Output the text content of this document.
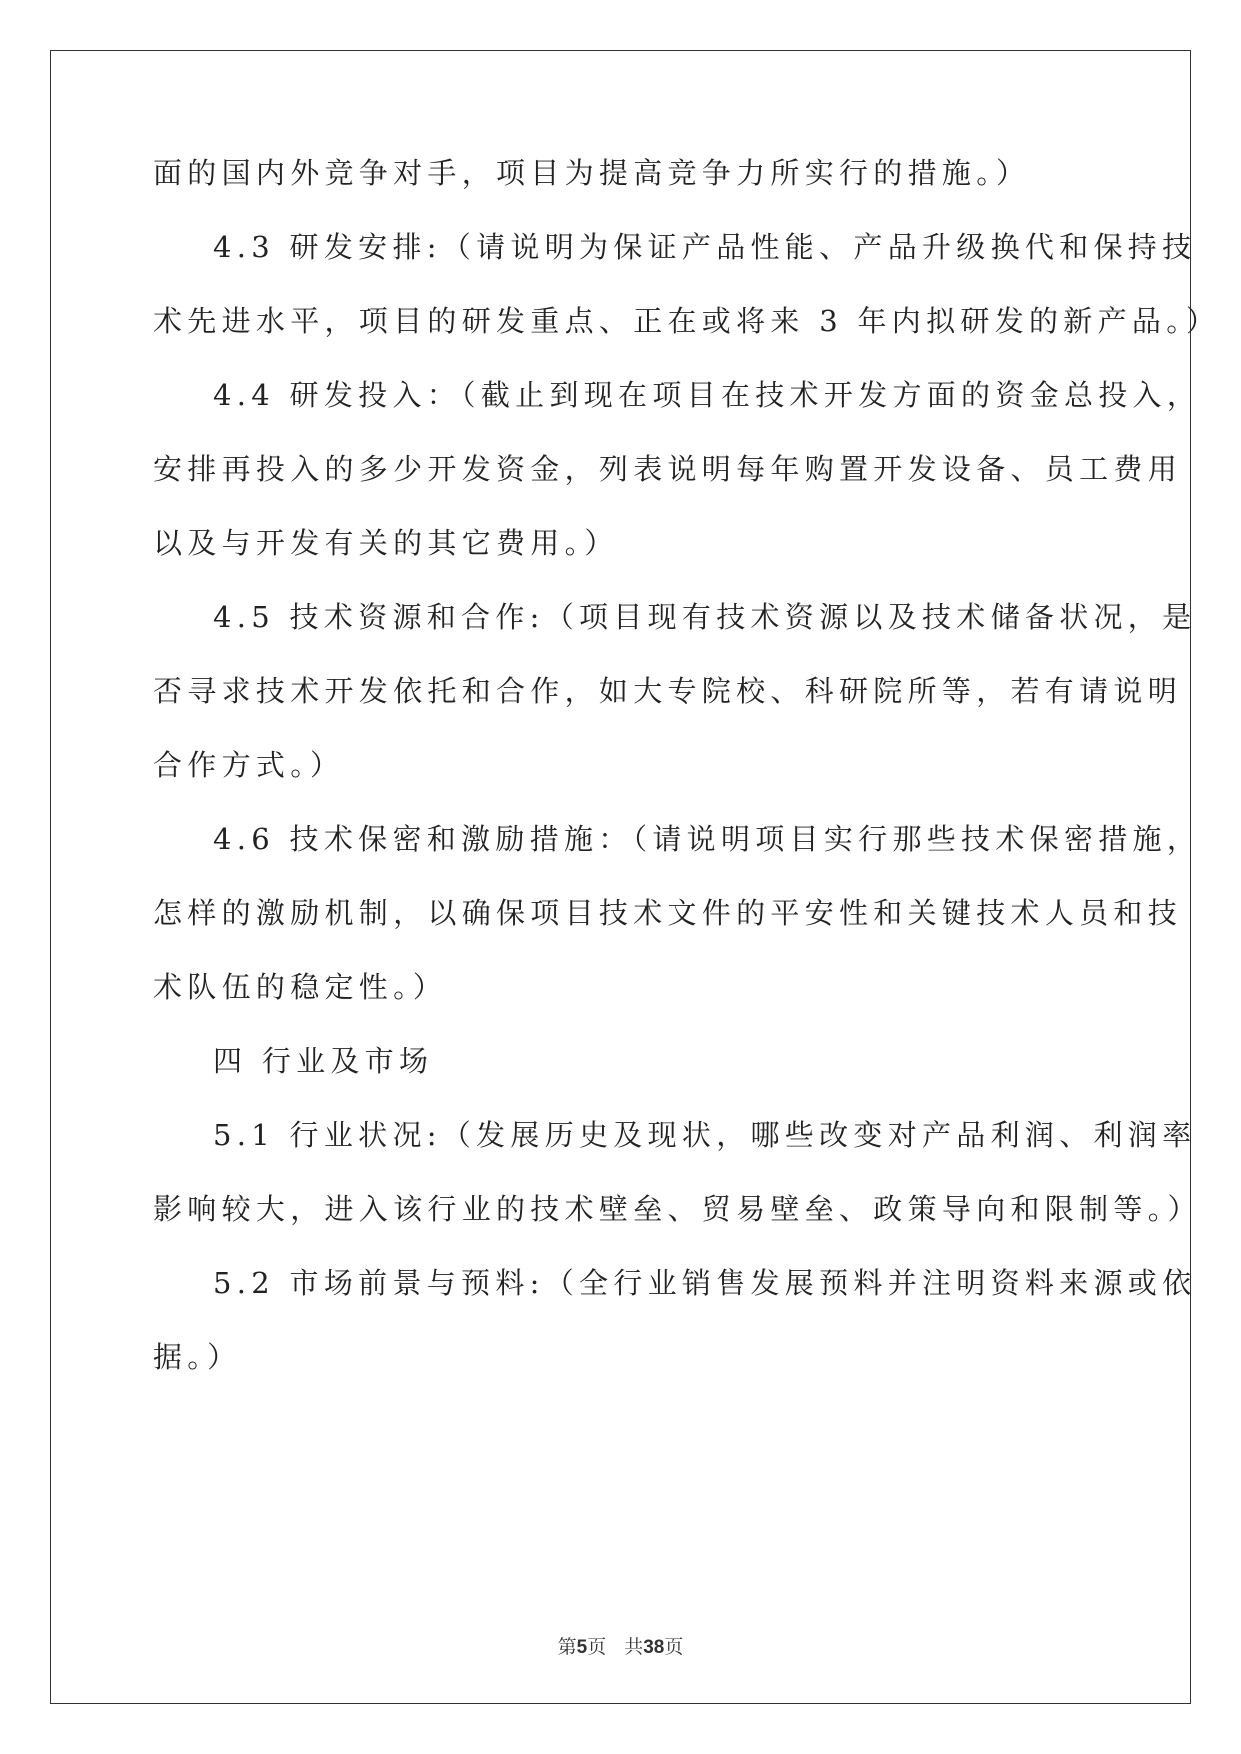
面的国内外竞争对手，项目为提高竞争力所实行的措施。）
4.3 研发安排:（请说明为保证产品性能、产品升级换代和保持技
术先进水平，项目的研发重点、正在或将来 3 年内拟研发的新产品。）
4.4 研发投入：（截止到现在项目在技术开发方面的资金总投入，
安排再投入的多少开发资金，列表说明每年购置开发设备、员工费用
以及与开发有关的其它费用。）
4.5 技术资源和合作:（项目现有技术资源以及技术储备状况，是
否寻求技术开发依托和合作，如大专院校、科研院所等，若有请说明
合作方式。）
4.6 技术保密和激励措施：（请说明项目实行那些技术保密措施，
怎样的激励机制，以确保项目技术文件的平安性和关键技术人员和技
术队伍的稳定性。）
四 行业及市场
5.1 行业状况:（发展历史及现状，哪些改变对产品利润、利润率
影响较大，进入该行业的技术壁垒、贸易壁垒、政策导向和限制等。）
5.2 市场前景与预料:（全行业销售发展预料并注明资料来源或依
据。）
第5页 共38页
